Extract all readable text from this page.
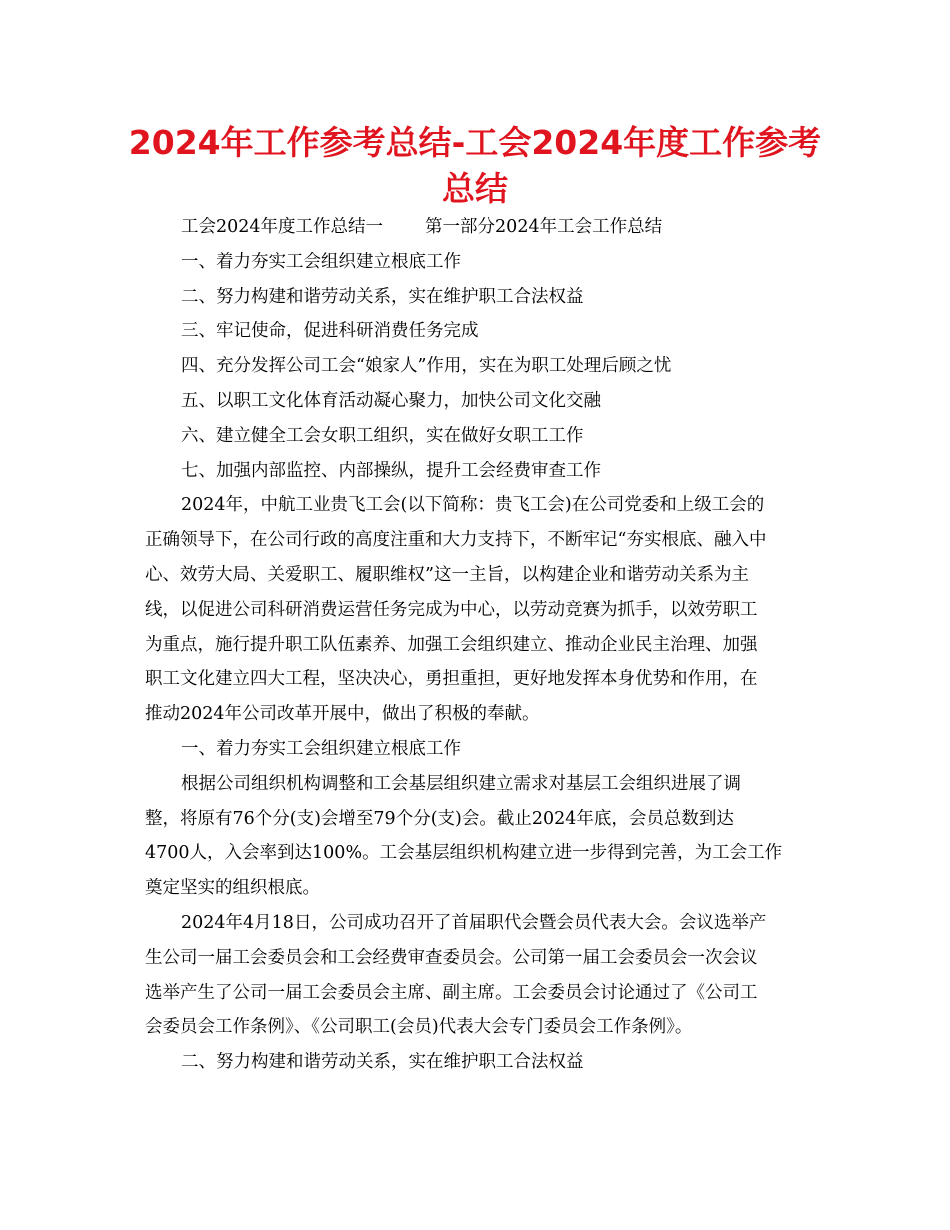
2024年工作参考总结-工会2024年度工作参考
总结
工会2024年度工作总结一 第一部分2024年工会工作总结
一、着力夯实工会组织建立根底工作
二、努力构建和谐劳动关系，实在维护职工合法权益
三、牢记使命，促进科研消费任务完成
四、充分发挥公司工会“娘家人”作用，实在为职工处理后顾之忧
五、以职工文化体育活动凝心聚力，加快公司文化交融
六、建立健全工会女职工组织，实在做好女职工工作
七、加强内部监控、内部操纵，提升工会经费审查工作
2024年，中航工业贵飞工会(以下简称：贵飞工会)在公司党委和上级工会的
正确领导下，在公司行政的高度注重和大力支持下，不断牢记“夯实根底、融入中
心、效劳大局、关爱职工、履职维权”这一主旨，以构建企业和谐劳动关系为主
线，以促进公司科研消费运营任务完成为中心，以劳动竞赛为抓手，以效劳职工
为重点，施行提升职工队伍素养、加强工会组织建立、推动企业民主治理、加强
职工文化建立四大工程，坚决决心，勇担重担，更好地发挥本身优势和作用，在
推动2024年公司改革开展中，做出了积极的奉献。
一、着力夯实工会组织建立根底工作
根据公司组织机构调整和工会基层组织建立需求对基层工会组织进展了调
整，将原有76个分(支)会增至79个分(支)会。截止2024年底，会员总数到达
4700人，入会率到达100%。工会基层组织机构建立进一步得到完善，为工会工作
奠定坚实的组织根底。
2024年4月18日，公司成功召开了首届职代会暨会员代表大会。会议选举产
生公司一届工会委员会和工会经费审查委员会。公司第一届工会委员会一次会议
选举产生了公司一届工会委员会主席、副主席。工会委员会讨论通过了《公司工
会委员会工作条例》、《公司职工(会员)代表大会专门委员会工作条例》。
二、努力构建和谐劳动关系，实在维护职工合法权益
